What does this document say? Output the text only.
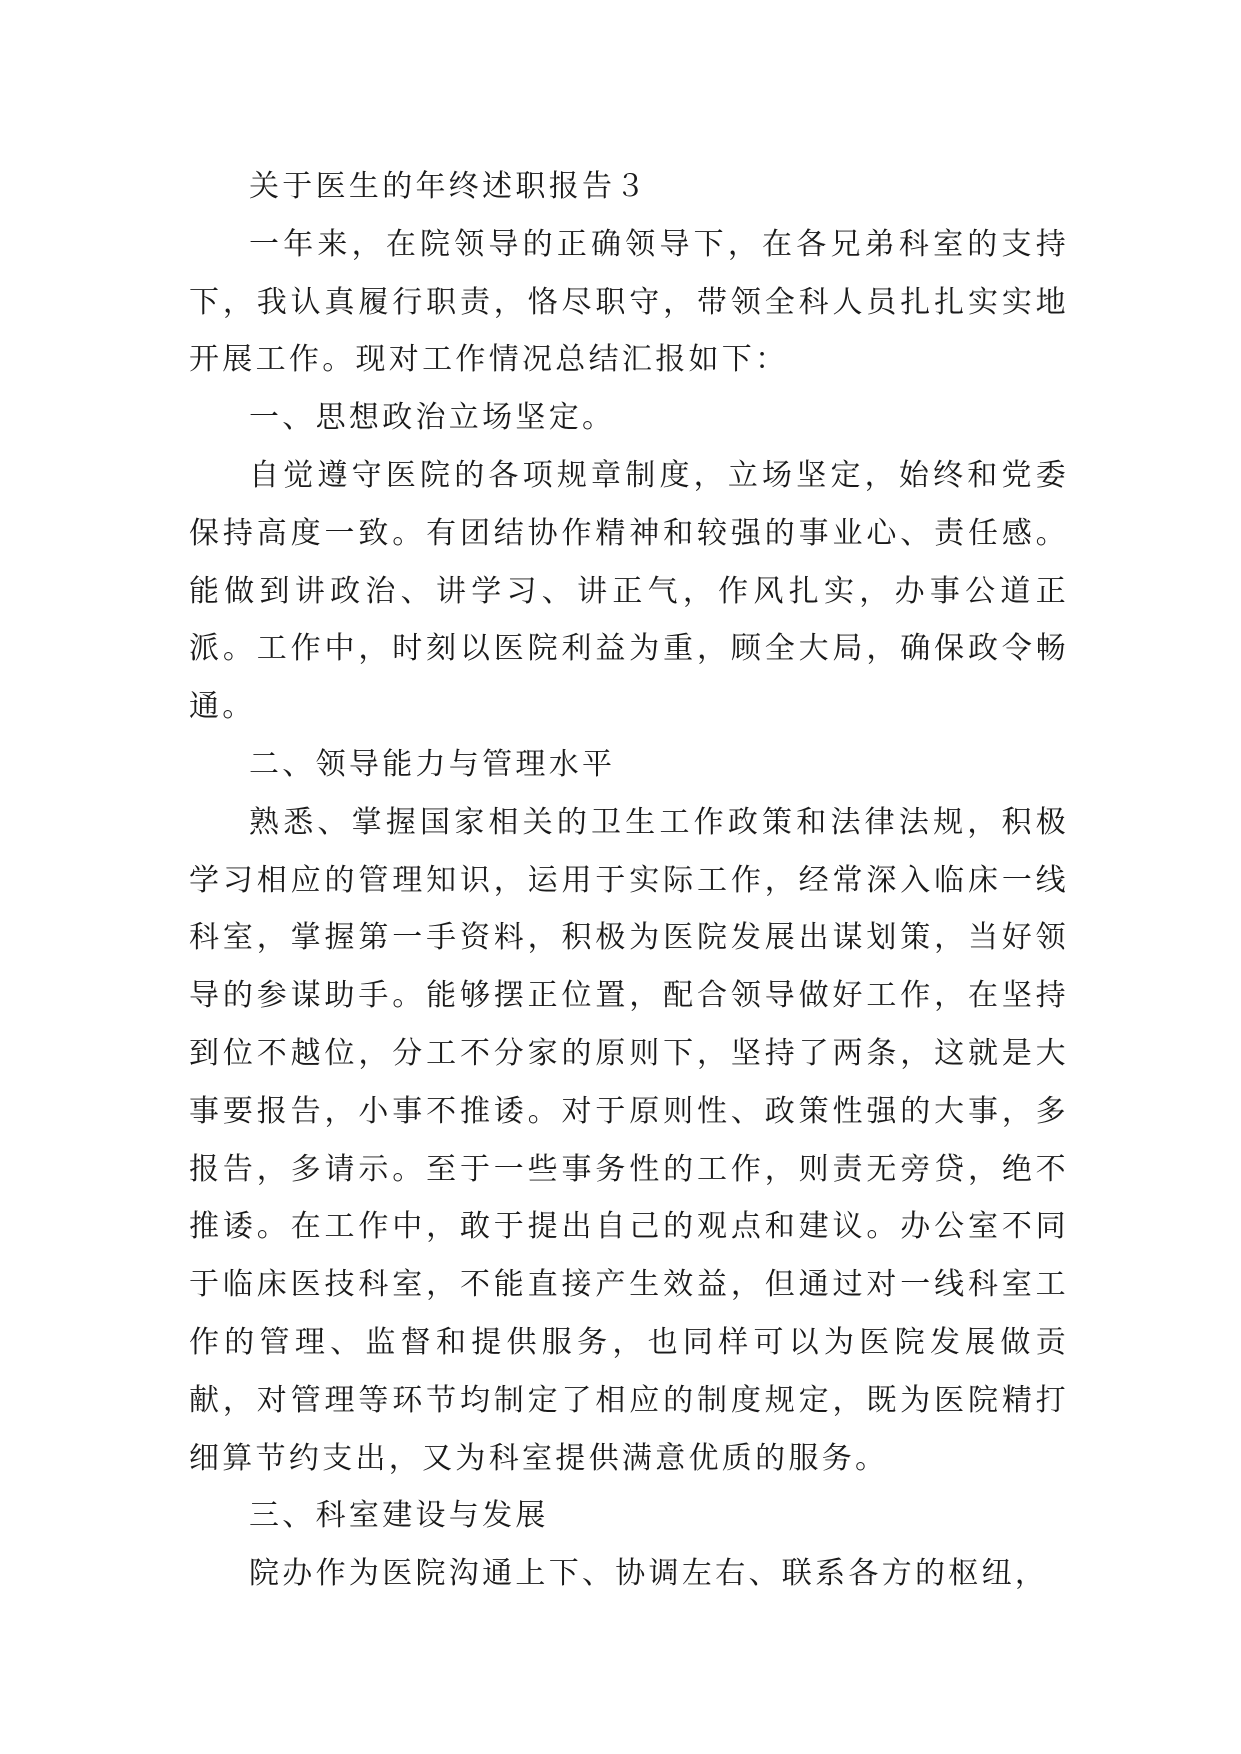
关于医生的年终述职报告３

一年来，在院领导的正确领导下，在各兄弟科室的支持下，我认真履行职责，恪尽职守，带领全科人员扎扎实实地开展工作。现对工作情况总结汇报如下：

一、思想政治立场坚定。

自觉遵守医院的各项规章制度，立场坚定，始终和党委保持高度一致。有团结协作精神和较强的事业心、责任感。能做到讲政治、讲学习、讲正气，作风扎实，办事公道正派。工作中，时刻以医院利益为重，顾全大局，确保政令畅通。

二、领导能力与管理水平

熟悉、掌握国家相关的卫生工作政策和法律法规，积极学习相应的管理知识，运用于实际工作，经常深入临床一线科室，掌握第一手资料，积极为医院发展出谋划策，当好领导的参谋助手。能够摆正位置，配合领导做好工作，在坚持到位不越位，分工不分家的原则下，坚持了两条，这就是大事要报告，小事不推诿。对于原则性、政策性强的大事，多报告，多请示。至于一些事务性的工作，则责无旁贷，绝不推诿。在工作中，敢于提出自己的观点和建议。办公室不同于临床医技科室，不能直接产生效益，但通过对一线科室工作的管理、监督和提供服务，也同样可以为医院发展做贡献，对管理等环节均制定了相应的制度规定，既为医院精打细算节约支出，又为科室提供满意优质的服务。

三、科室建设与发展

院办作为医院沟通上下、协调左右、联系各方的枢纽，
